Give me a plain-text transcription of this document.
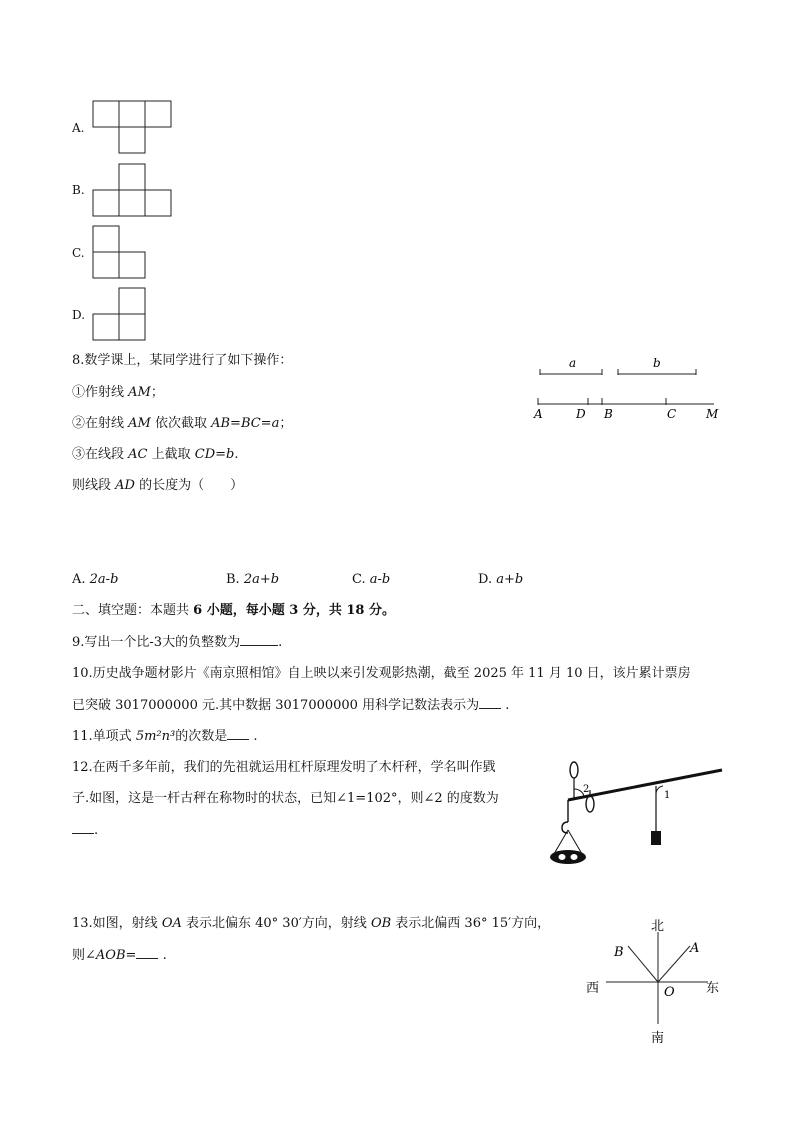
A.
B.
C.
D.
8.数学课上，某同学进行了如下操作：
①作射线 AM；
②在射线 AM 依次截取 AB=BC=a；
③在线段 AC 上截取 CD=b.
则线段 AD 的长度为（　　）
a	b
A	D B	C M
A. 2a-b	B. 2a+b	C. a-b	D. a+b
二、填空题：本题共 6 小题，每小题 3 分，共 18 分。
9.写出一个比-3大的负整数为	.
10.历史战争题材影片《南京照相馆》自上映以来引发观影热潮，截至 2025 年 11 月 10 日，该片累计票房
已突破 3017000000 元.其中数据 3017000000 用科学记数法表示为 .
11.单项式 5m²n³的次数是 .
12.在两千多年前，我们的先祖就运用杠杆原理发明了木杆秤，学名叫作戥
子.如图，这是一杆古秤在称物时的状态，已知∠1=102°，则∠2 的度数为
.
2
1
13.如图，射线 OA 表示北偏东 40° 30′方向，射线 OB 表示北偏西 36° 15′方向，
则∠AOB= .
北
南
西	东
A
B
O
